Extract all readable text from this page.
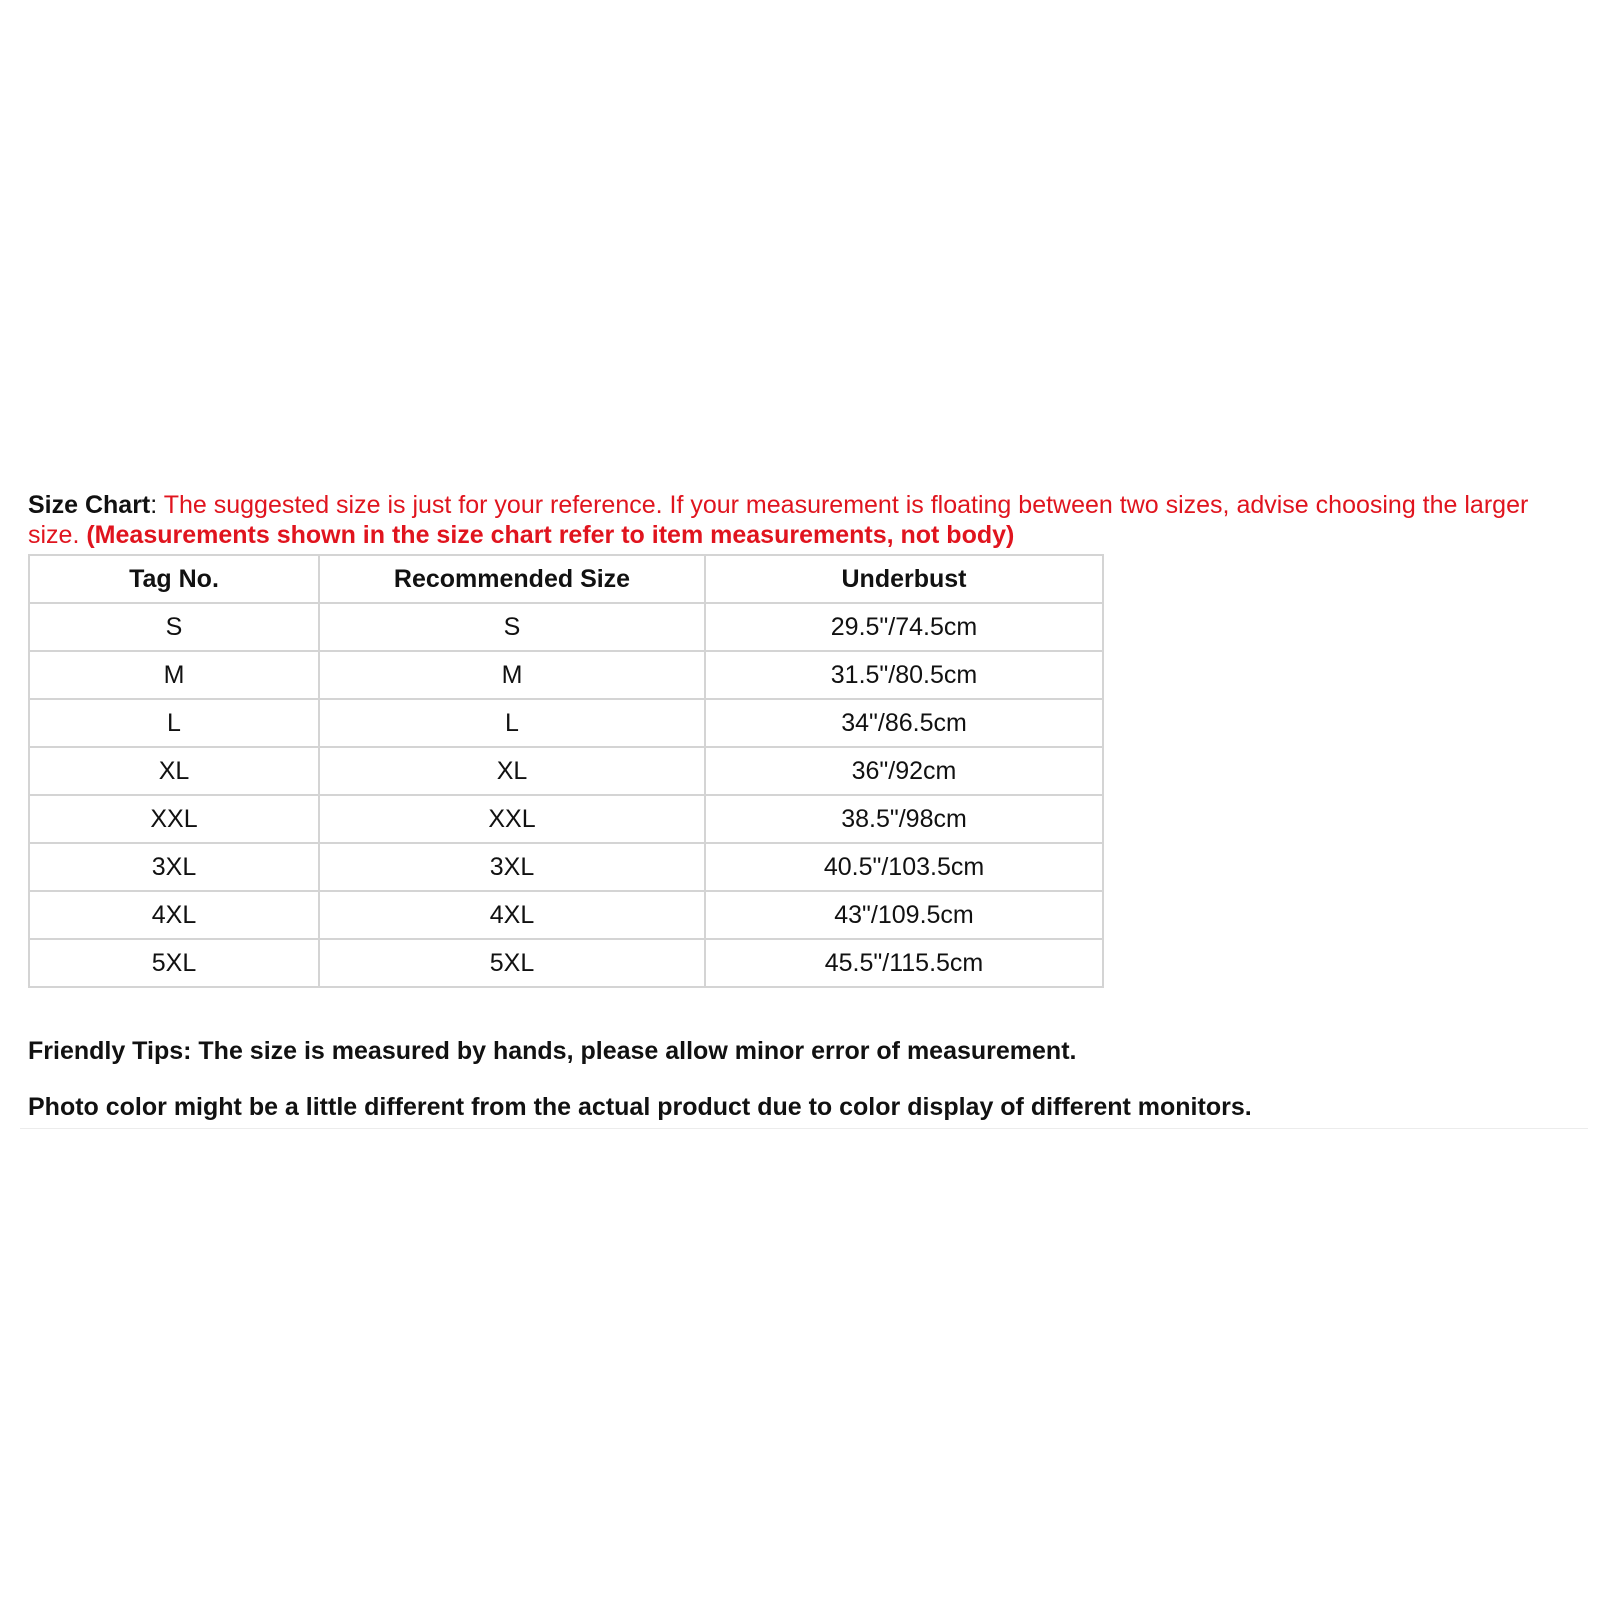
Size Chart: The suggested size is just for your reference. If your measurement is floating between two sizes, advise choosing the larger size. (Measurements shown in the size chart refer to item measurements, not body)
Tag No.	Recommended Size	Underbust
S	S	29.5"/74.5cm
M	M	31.5"/80.5cm
L	L	34"/86.5cm
XL	XL	36"/92cm
XXL	XXL	38.5"/98cm
3XL	3XL	40.5"/103.5cm
4XL	4XL	43"/109.5cm
5XL	5XL	45.5"/115.5cm
Friendly Tips: The size is measured by hands, please allow minor error of measurement.
Photo color might be a little different from the actual product due to color display of different monitors.
